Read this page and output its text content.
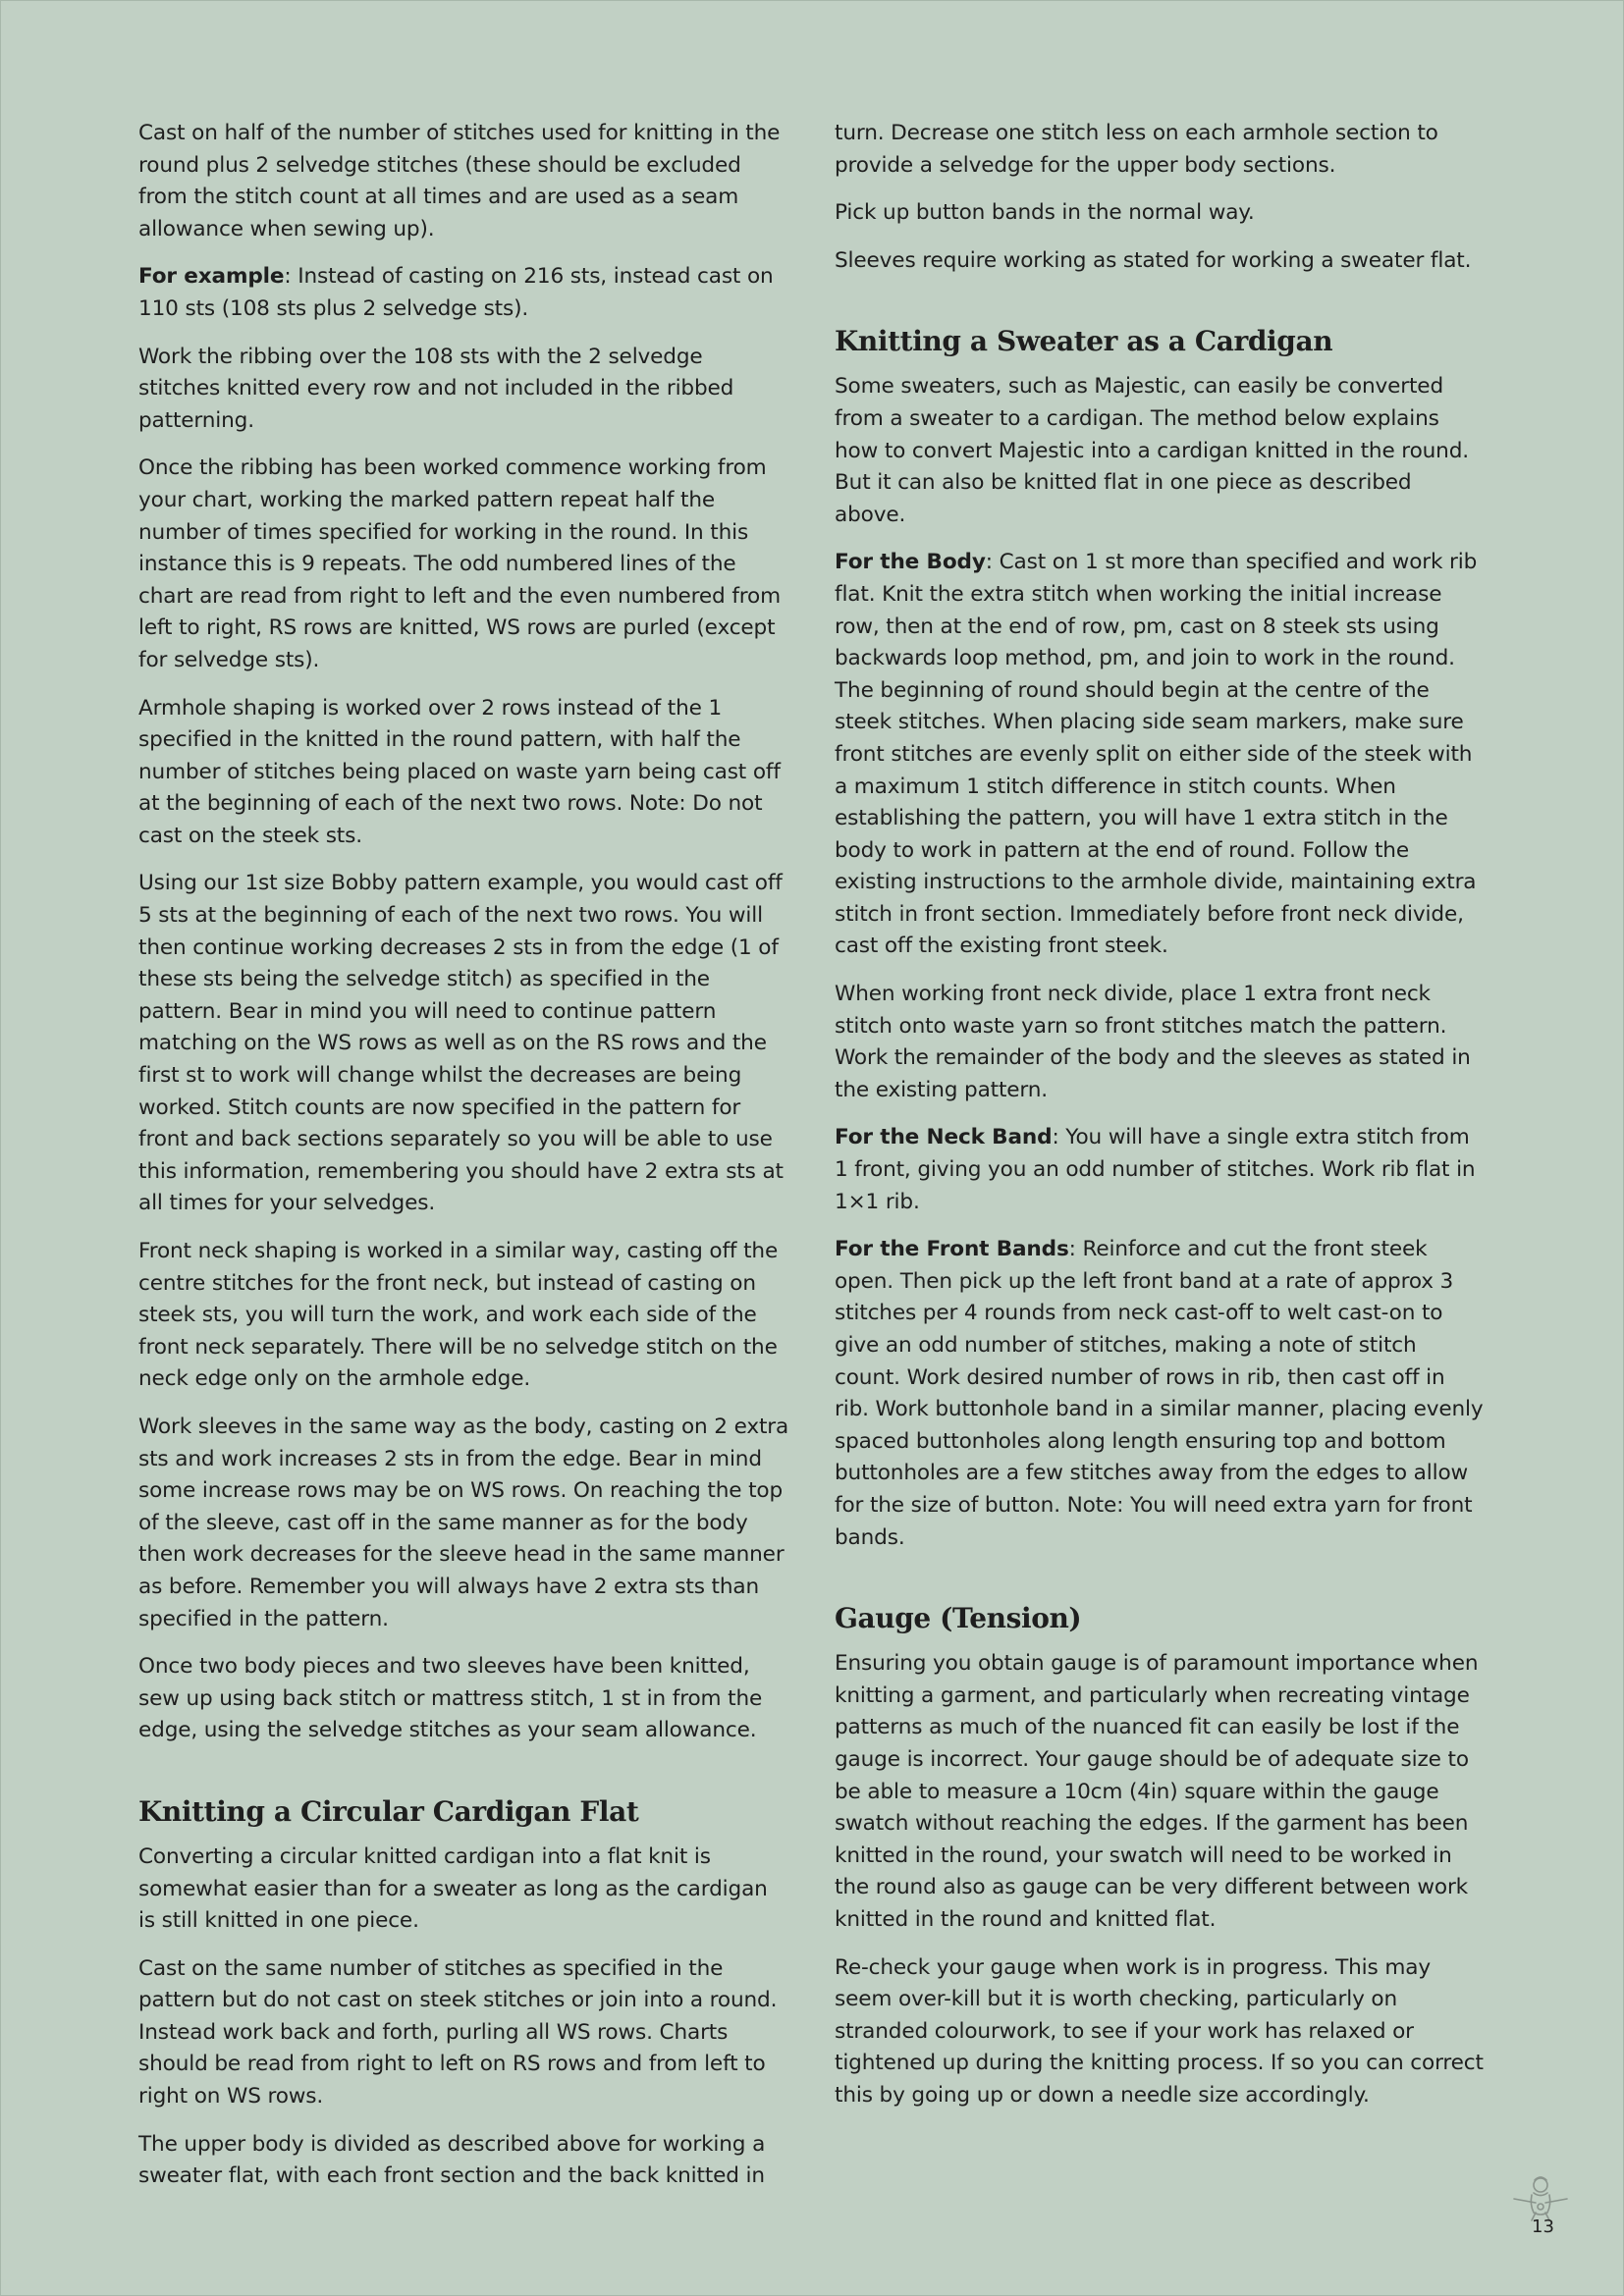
Cast on half of the number of stitches used for knitting in the round plus 2 selvedge stitches (these should be excluded from the stitch count at all times and are used as a seam allowance when sewing up).

For example: Instead of casting on 216 sts, instead cast on 110 sts (108 sts plus 2 selvedge sts).

Work the ribbing over the 108 sts with the 2 selvedge stitches knitted every row and not included in the ribbed patterning.

Once the ribbing has been worked commence working from your chart, working the marked pattern repeat half the number of times specified for working in the round. In this instance this is 9 repeats. The odd numbered lines of the chart are read from right to left and the even numbered from left to right, RS rows are knitted, WS rows are purled (except for selvedge sts).

Armhole shaping is worked over 2 rows instead of the 1 specified in the knitted in the round pattern, with half the number of stitches being placed on waste yarn being cast off at the beginning of each of the next two rows. Note: Do not cast on the steek sts.

Using our 1st size Bobby pattern example, you would cast off 5 sts at the beginning of each of the next two rows. You will then continue working decreases 2 sts in from the edge (1 of these sts being the selvedge stitch) as specified in the pattern. Bear in mind you will need to continue pattern matching on the WS rows as well as on the RS rows and the first st to work will change whilst the decreases are being worked. Stitch counts are now specified in the pattern for front and back sections separately so you will be able to use this information, remembering you should have 2 extra sts at all times for your selvedges.

Front neck shaping is worked in a similar way, casting off the centre stitches for the front neck, but instead of casting on steek sts, you will turn the work, and work each side of the front neck separately. There will be no selvedge stitch on the neck edge only on the armhole edge.

Work sleeves in the same way as the body, casting on 2 extra sts and work increases 2 sts in from the edge. Bear in mind some increase rows may be on WS rows. On reaching the top of the sleeve, cast off in the same manner as for the body then work decreases for the sleeve head in the same manner as before. Remember you will always have 2 extra sts than specified in the pattern.

Once two body pieces and two sleeves have been knitted, sew up using back stitch or mattress stitch, 1 st in from the edge, using the selvedge stitches as your seam allowance.

Knitting a Circular Cardigan Flat

Converting a circular knitted cardigan into a flat knit is somewhat easier than for a sweater as long as the cardigan is still knitted in one piece.

Cast on the same number of stitches as specified in the pattern but do not cast on steek stitches or join into a round. Instead work back and forth, purling all WS rows. Charts should be read from right to left on RS rows and from left to right on WS rows.

The upper body is divided as described above for working a sweater flat, with each front section and the back knitted in

turn. Decrease one stitch less on each armhole section to provide a selvedge for the upper body sections.

Pick up button bands in the normal way.

Sleeves require working as stated for working a sweater flat.

Knitting a Sweater as a Cardigan

Some sweaters, such as Majestic, can easily be converted from a sweater to a cardigan. The method below explains how to convert Majestic into a cardigan knitted in the round. But it can also be knitted flat in one piece as described above.

For the Body: Cast on 1 st more than specified and work rib flat. Knit the extra stitch when working the initial increase row, then at the end of row, pm, cast on 8 steek sts using backwards loop method, pm, and join to work in the round. The beginning of round should begin at the centre of the steek stitches. When placing side seam markers, make sure front stitches are evenly split on either side of the steek with a maximum 1 stitch difference in stitch counts. When establishing the pattern, you will have 1 extra stitch in the body to work in pattern at the end of round. Follow the existing instructions to the armhole divide, maintaining extra stitch in front section. Immediately before front neck divide, cast off the existing front steek.

When working front neck divide, place 1 extra front neck stitch onto waste yarn so front stitches match the pattern. Work the remainder of the body and the sleeves as stated in the existing pattern.

For the Neck Band: You will have a single extra stitch from 1 front, giving you an odd number of stitches. Work rib flat in 1×1 rib.

For the Front Bands: Reinforce and cut the front steek open. Then pick up the left front band at a rate of approx 3 stitches per 4 rounds from neck cast-off to welt cast-on to give an odd number of stitches, making a note of stitch count. Work desired number of rows in rib, then cast off in rib. Work buttonhole band in a similar manner, placing evenly spaced buttonholes along length ensuring top and bottom buttonholes are a few stitches away from the edges to allow for the size of button. Note: You will need extra yarn for front bands.

Gauge (Tension)

Ensuring you obtain gauge is of paramount importance when knitting a garment, and particularly when recreating vintage patterns as much of the nuanced fit can easily be lost if the gauge is incorrect. Your gauge should be of adequate size to be able to measure a 10cm (4in) square within the gauge swatch without reaching the edges. If the garment has been knitted in the round, your swatch will need to be worked in the round also as gauge can be very different between work knitted in the round and knitted flat.

Re-check your gauge when work is in progress. This may seem over-kill but it is worth checking, particularly on stranded colourwork, to see if your work has relaxed or tightened up during the knitting process. If so you can correct this by going up or down a needle size accordingly.

13
